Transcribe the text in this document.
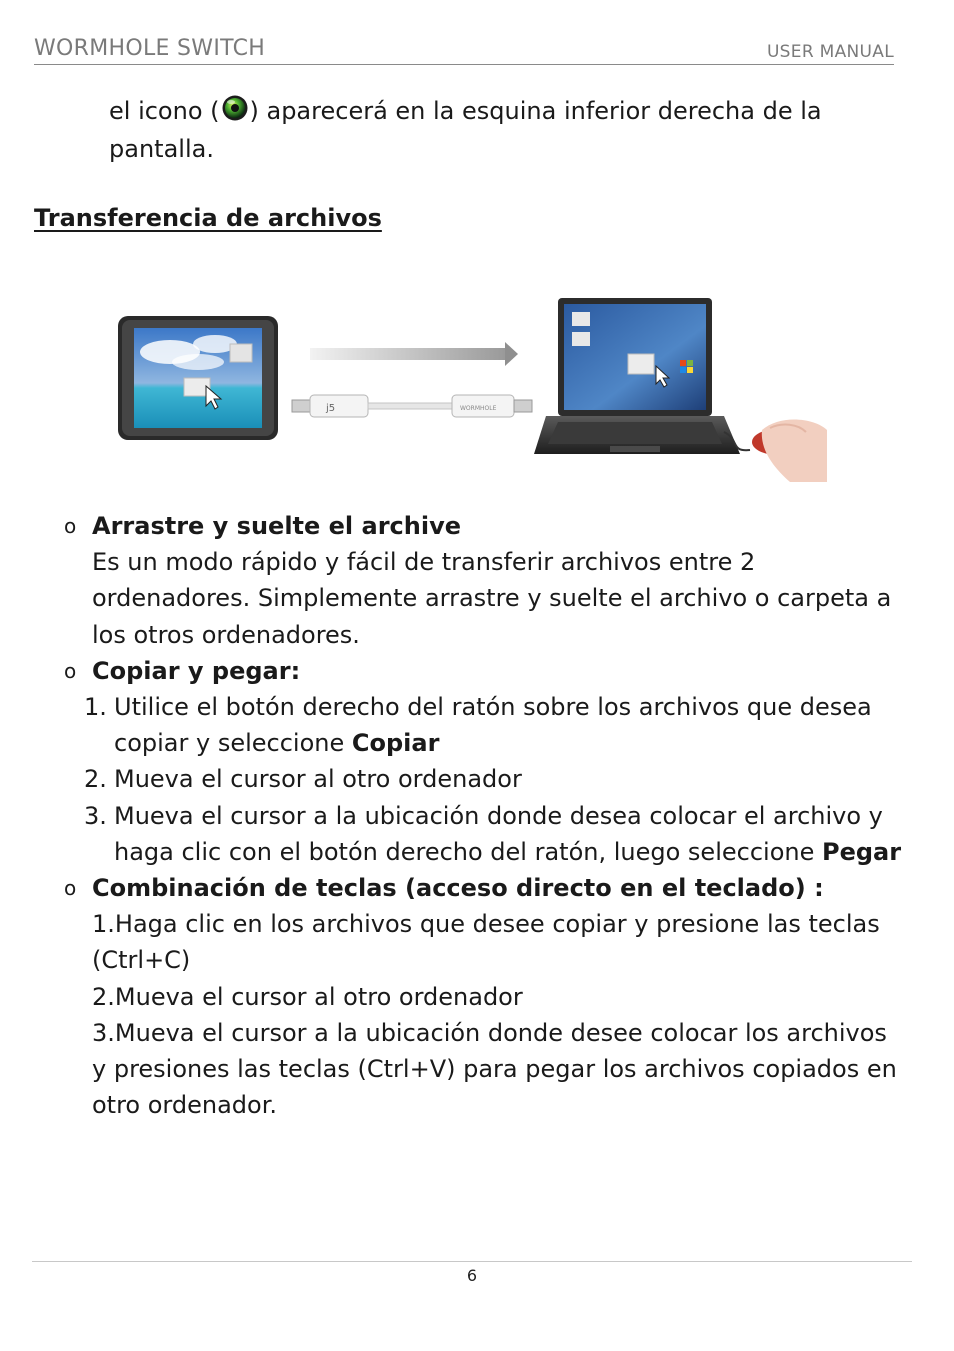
WORMHOLE SWITCH	USER MANUAL
el icono ( ) aparecerá en la esquina inferior derecha de la pantalla.
Transferencia de archivos
j5	WORMHOLE
o Arrastre y suelte el archive
Es un modo rápido y fácil de transferir archivos entre 2 ordenadores. Simplemente arrastre y suelte el archivo o carpeta a los otros ordenadores.
o Copiar y pegar:
1. Utilice el botón derecho del ratón sobre los archivos que desea copiar y seleccione Copiar
2. Mueva el cursor al otro ordenador
3. Mueva el cursor a la ubicación donde desea colocar el archivo y haga clic con el botón derecho del ratón, luego seleccione Pegar
o Combinación de teclas (acceso directo en el teclado) :
1.Haga clic en los archivos que desee copiar y presione las teclas (Ctrl+C)
2.Mueva el cursor al otro ordenador
3.Mueva el cursor a la ubicación donde desee colocar los archivos y presiones las teclas (Ctrl+V) para pegar los archivos copiados en otro ordenador.
6
